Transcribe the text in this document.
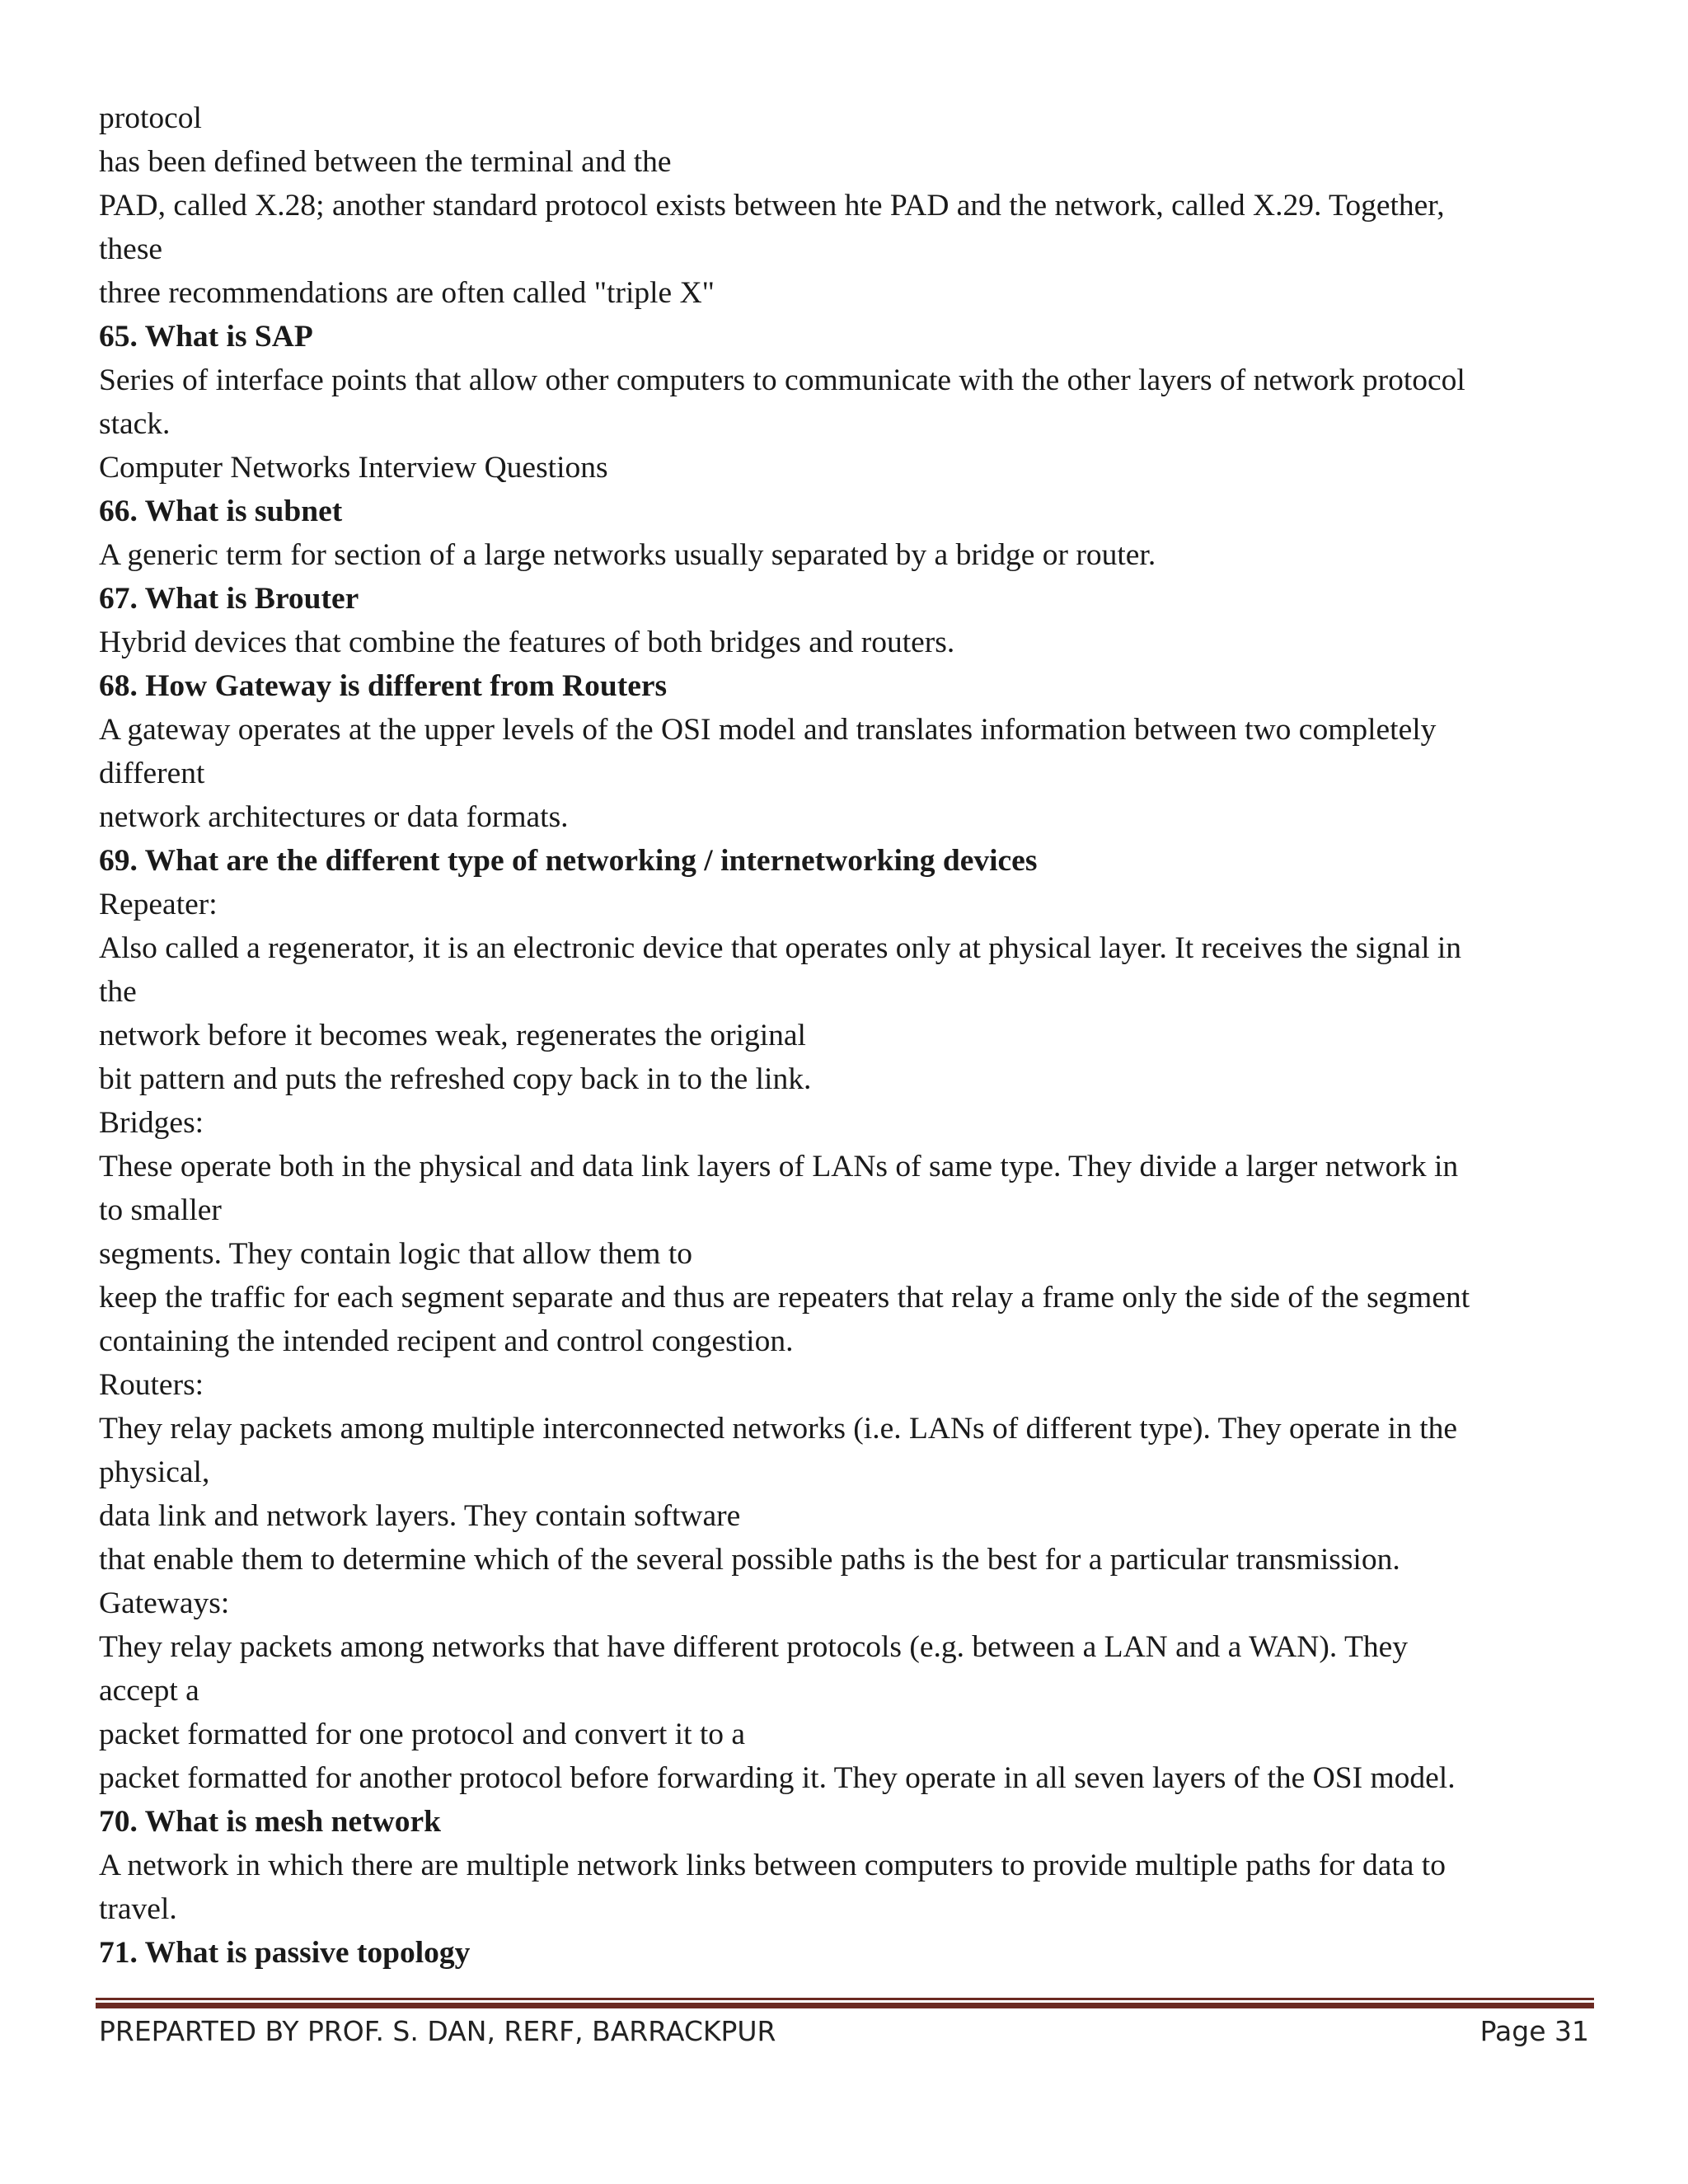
protocol

has been defined between the terminal and the

PAD, called X.28; another standard protocol exists between hte PAD and the network, called X.29. Together,

these

three recommendations are often called "triple X"

65. What is SAP

Series of interface points that allow other computers to communicate with the other layers of network protocol

stack.

Computer Networks Interview Questions

66. What is subnet

A generic term for section of a large networks usually separated by a bridge or router.

67. What is Brouter

Hybrid devices that combine the features of both bridges and routers.

68. How Gateway is different from Routers

A gateway operates at the upper levels of the OSI model and translates information between two completely

different

network architectures or data formats.

69. What are the different type of networking / internetworking devices

Repeater:

Also called a regenerator, it is an electronic device that operates only at physical layer. It receives the signal in

the

network before it becomes weak, regenerates the original

bit pattern and puts the refreshed copy back in to the link.

Bridges:

These operate both in the physical and data link layers of LANs of same type. They divide a larger network in

to smaller

segments. They contain logic that allow them to

keep the traffic for each segment separate and thus are repeaters that relay a frame only the side of the segment

containing the intended recipent and control congestion.

Routers:

They relay packets among multiple interconnected networks (i.e. LANs of different type). They operate in the

physical,

data link and network layers. They contain software

that enable them to determine which of the several possible paths is the best for a particular transmission.

Gateways:

They relay packets among networks that have different protocols (e.g. between a LAN and a WAN). They

accept a

packet formatted for one protocol and convert it to a

packet formatted for another protocol before forwarding it. They operate in all seven layers of the OSI model.

70. What is mesh network

A network in which there are multiple network links between computers to provide multiple paths for data to

travel.

71. What is passive topology

PREPARTED BY PROF. S. DAN, RERF, BARRACKPUR	Page 31
